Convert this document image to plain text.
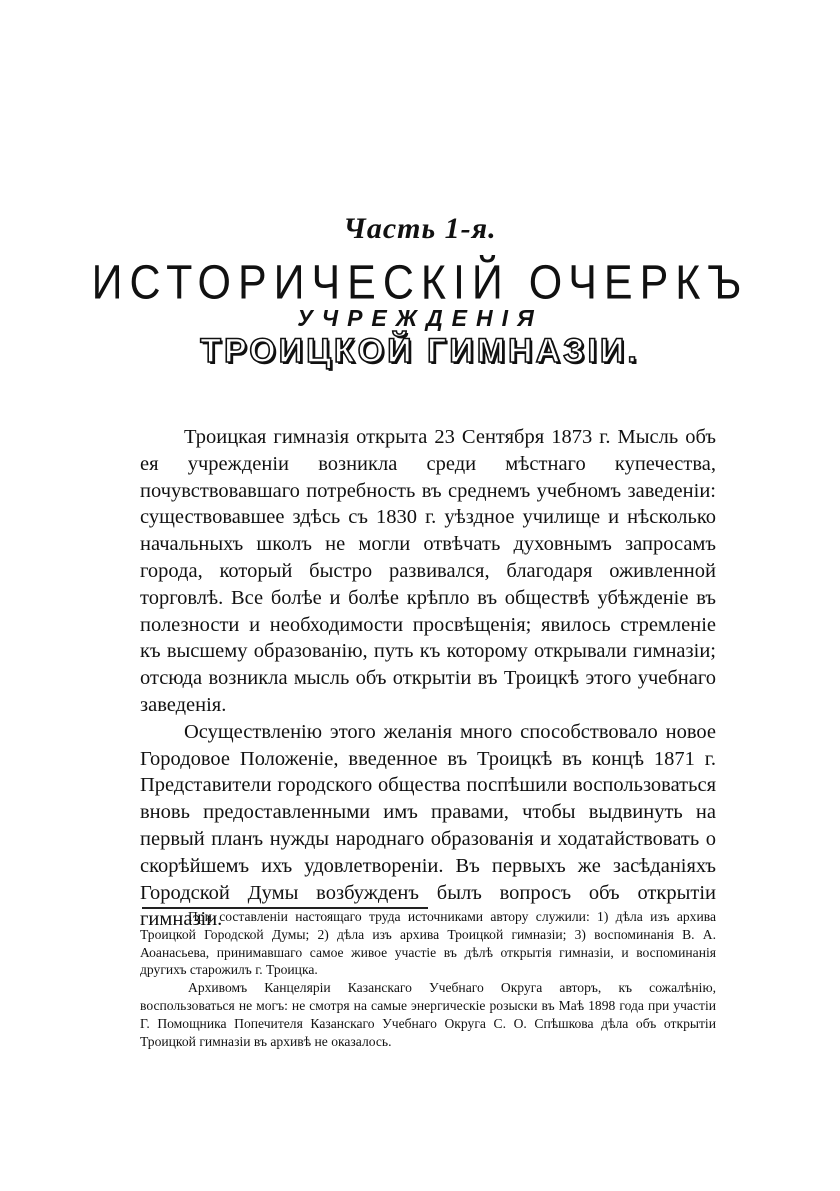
Часть 1-я.
ИСТОРИЧЕСКIЙ ОЧЕРКЪ
УЧРЕЖДЕНIЯ
ТРОИЦКОЙ ГИМНАЗIИ.

Троицкая гимназiя открыта 23 Сентября 1873 г. Мысль объ ея учрежденiи возникла среди мѣстнаго купечества, почувствовавшаго потребность въ среднемъ учебномъ заведенiи: существовавшее здѣсь съ 1830 г. уѣздное училище и нѣсколько начальныхъ школъ не могли отвѣчать духовнымъ запросамъ города, который быстро развивался, благодаря оживленной торговлѣ. Все болѣе и болѣе крѣпло въ обществѣ убѣжденiе въ полезности и необходимости просвѣщенiя; явилось стремленiе къ высшему образованiю, путь къ которому открывали гимназiи; отсюда возникла мысль объ открытiи въ Троицкѣ этого учебнаго заведенiя.

Осуществленiю этого желанiя много способствовало новое Городовое Положенiе, введенное въ Троицкѣ въ концѣ 1871 г. Представители городского общества поспѣшили воспользоваться вновь предоставленными имъ правами, чтобы выдвинуть на первый планъ нужды народнаго образованiя и ходатайствовать о скорѣйшемъ ихъ удовлетворенiи. Въ первыхъ же засѣданiяхъ Городской Думы возбужденъ былъ вопросъ объ открытiи гимназiи.

При составленiи настоящаго труда источниками автору служили: 1) дѣла изъ архива Троицкой Городской Думы; 2) дѣла изъ архива Троицкой гимназiи; 3) воспоминанiя В. А. Аоанасьева, принимавшаго самое живое участiе въ дѣлѣ открытiя гимназiи, и воспоминанiя другихъ старожилъ г. Троицка.

Архивомъ Канцелярiи Казанскаго Учебнаго Округа авторъ, къ сожалѣнiю, воспользоваться не могъ: не смотря на самые энергическiе розыски въ Маѣ 1898 года при участiи Г. Помощника Попечителя Казанскаго Учебнаго Округа С. О. Спѣшкова дѣла объ открытiи Троицкой гимназiи въ архивѣ не оказалось.
